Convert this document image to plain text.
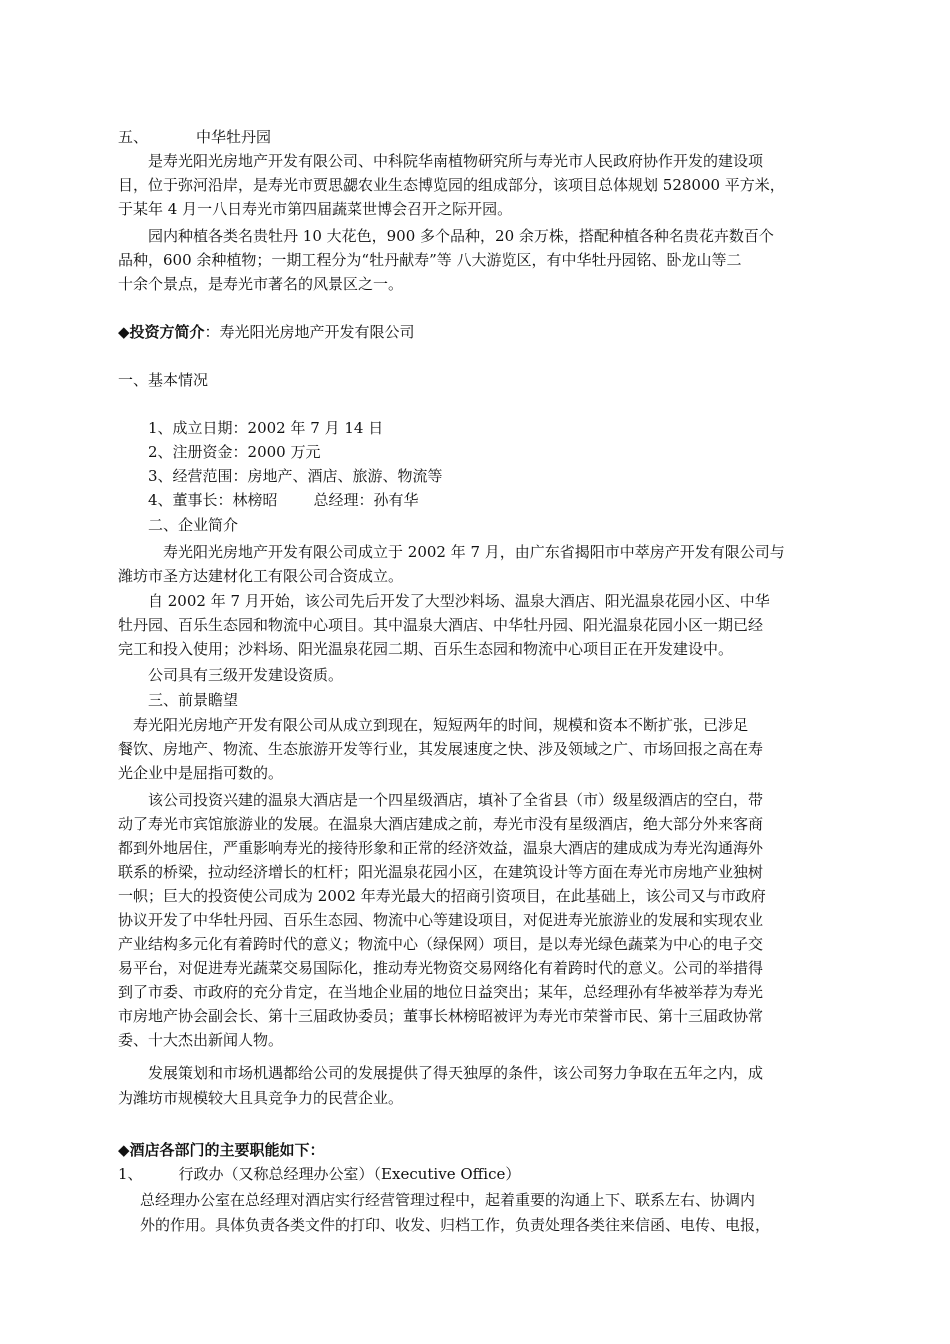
五、	中华牡丹园
是寿光阳光房地产开发有限公司、中科院华南植物研究所与寿光市人民政府协作开发的建设项
目，位于弥河沿岸，是寿光市贾思勰农业生态博览园的组成部分，该项目总体规划 528000 平方米，
于某年 4 月一八日寿光市第四届蔬菜世博会召开之际开园。
园内种植各类名贵牡丹 10 大花色，900 多个品种，20 余万株，搭配种植各种名贵花卉数百个
品种，600 余种植物；一期工程分为“牡丹献寿”等 八大游览区，有中华牡丹园铭、卧龙山等二
十余个景点，是寿光市著名的风景区之一。
◆投资方简介：寿光阳光房地产开发有限公司
一、基本情况
1、成立日期：2002 年 7 月 14 日
2、注册资金：2000 万元
3、经营范围：房地产、酒店、旅游、物流等
4、董事长：林榜昭 总经理：孙有华
二、企业简介
寿光阳光房地产开发有限公司成立于 2002 年 7 月，由广东省揭阳市中萃房产开发有限公司与
潍坊市圣方达建材化工有限公司合资成立。
自 2002 年 7 月开始，该公司先后开发了大型沙料场、温泉大酒店、阳光温泉花园小区、中华
牡丹园、百乐生态园和物流中心项目。其中温泉大酒店、中华牡丹园、阳光温泉花园小区一期已经
完工和投入使用；沙料场、阳光温泉花园二期、百乐生态园和物流中心项目正在开发建设中。
公司具有三级开发建设资质。
三、前景瞻望
寿光阳光房地产开发有限公司从成立到现在，短短两年的时间，规模和资本不断扩张，已涉足
餐饮、房地产、物流、生态旅游开发等行业，其发展速度之快、涉及领域之广、市场回报之高在寿
光企业中是屈指可数的。
该公司投资兴建的温泉大酒店是一个四星级酒店，填补了全省县（市）级星级酒店的空白，带
动了寿光市宾馆旅游业的发展。在温泉大酒店建成之前，寿光市没有星级酒店，绝大部分外来客商
都到外地居住，严重影响寿光的接待形象和正常的经济效益，温泉大酒店的建成成为寿光沟通海外
联系的桥梁，拉动经济增长的杠杆；阳光温泉花园小区，在建筑设计等方面在寿光市房地产业独树
一帜；巨大的投资使公司成为 2002 年寿光最大的招商引资项目，在此基础上，该公司又与市政府
协议开发了中华牡丹园、百乐生态园、物流中心等建设项目，对促进寿光旅游业的发展和实现农业
产业结构多元化有着跨时代的意义；物流中心（绿保网）项目，是以寿光绿色蔬菜为中心的电子交
易平台，对促进寿光蔬菜交易国际化，推动寿光物资交易网络化有着跨时代的意义。公司的举措得
到了市委、市政府的充分肯定，在当地企业届的地位日益突出；某年，总经理孙有华被举荐为寿光
市房地产协会副会长、第十三届政协委员；董事长林榜昭被评为寿光市荣誉市民、第十三届政协常
委、十大杰出新闻人物。
发展策划和市场机遇都给公司的发展提供了得天独厚的条件，该公司努力争取在五年之内，成
为潍坊市规模较大且具竞争力的民营企业。
◆酒店各部门的主要职能如下：
1、 行政办（又称总经理办公室）（Executive Office）
总经理办公室在总经理对酒店实行经营管理过程中，起着重要的沟通上下、联系左右、协调内
外的作用。具体负责各类文件的打印、收发、归档工作，负责处理各类往来信函、电传、电报，
